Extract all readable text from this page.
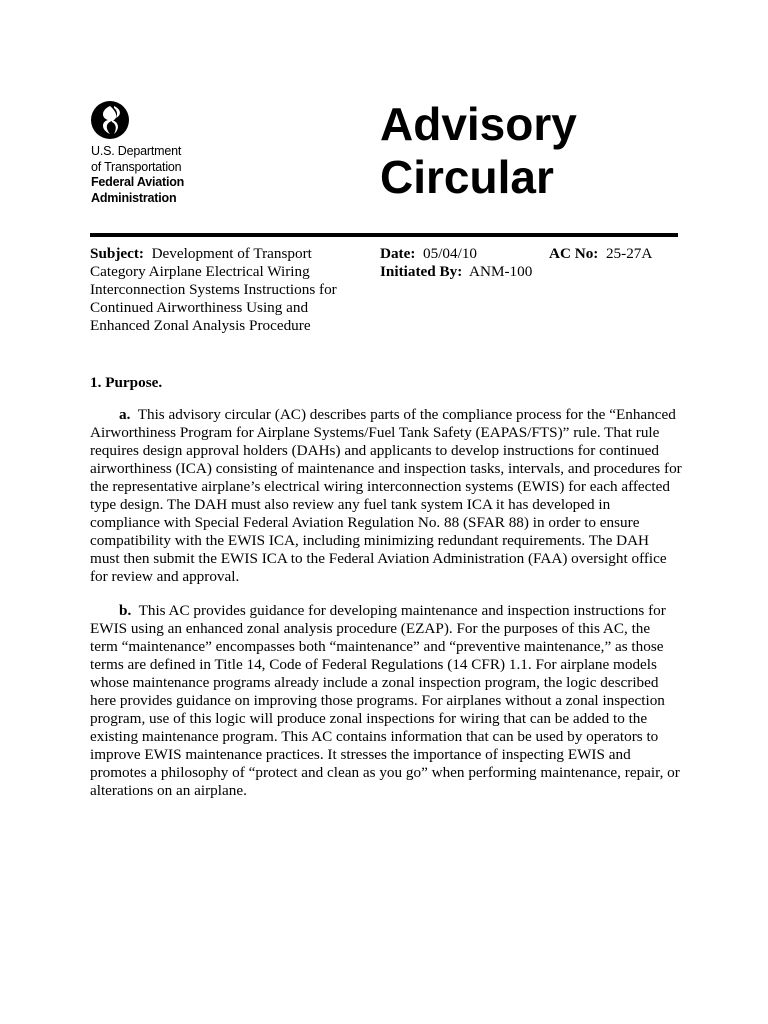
U.S. Department
of Transportation
Federal Aviation
Administration
Advisory
Circular
Subject: Development of Transport
Category Airplane Electrical Wiring
Interconnection Systems Instructions for
Continued Airworthiness Using and
Enhanced Zonal Analysis Procedure
Date: 05/04/10	AC No: 25-27A
Initiated By: ANM-100
1. Purpose.
a. This advisory circular (AC) describes parts of the compliance process for the “Enhanced
Airworthiness Program for Airplane Systems/Fuel Tank Safety (EAPAS/FTS)” rule. That rule
requires design approval holders (DAHs) and applicants to develop instructions for continued
airworthiness (ICA) consisting of maintenance and inspection tasks, intervals, and procedures for
the representative airplane’s electrical wiring interconnection systems (EWIS) for each affected
type design. The DAH must also review any fuel tank system ICA it has developed in
compliance with Special Federal Aviation Regulation No. 88 (SFAR 88) in order to ensure
compatibility with the EWIS ICA, including minimizing redundant requirements. The DAH
must then submit the EWIS ICA to the Federal Aviation Administration (FAA) oversight office
for review and approval.
b. This AC provides guidance for developing maintenance and inspection instructions for
EWIS using an enhanced zonal analysis procedure (EZAP). For the purposes of this AC, the
term “maintenance” encompasses both “maintenance” and “preventive maintenance,” as those
terms are defined in Title 14, Code of Federal Regulations (14 CFR) 1.1. For airplane models
whose maintenance programs already include a zonal inspection program, the logic described
here provides guidance on improving those programs. For airplanes without a zonal inspection
program, use of this logic will produce zonal inspections for wiring that can be added to the
existing maintenance program. This AC contains information that can be used by operators to
improve EWIS maintenance practices. It stresses the importance of inspecting EWIS and
promotes a philosophy of “protect and clean as you go” when performing maintenance, repair, or
alterations on an airplane.
